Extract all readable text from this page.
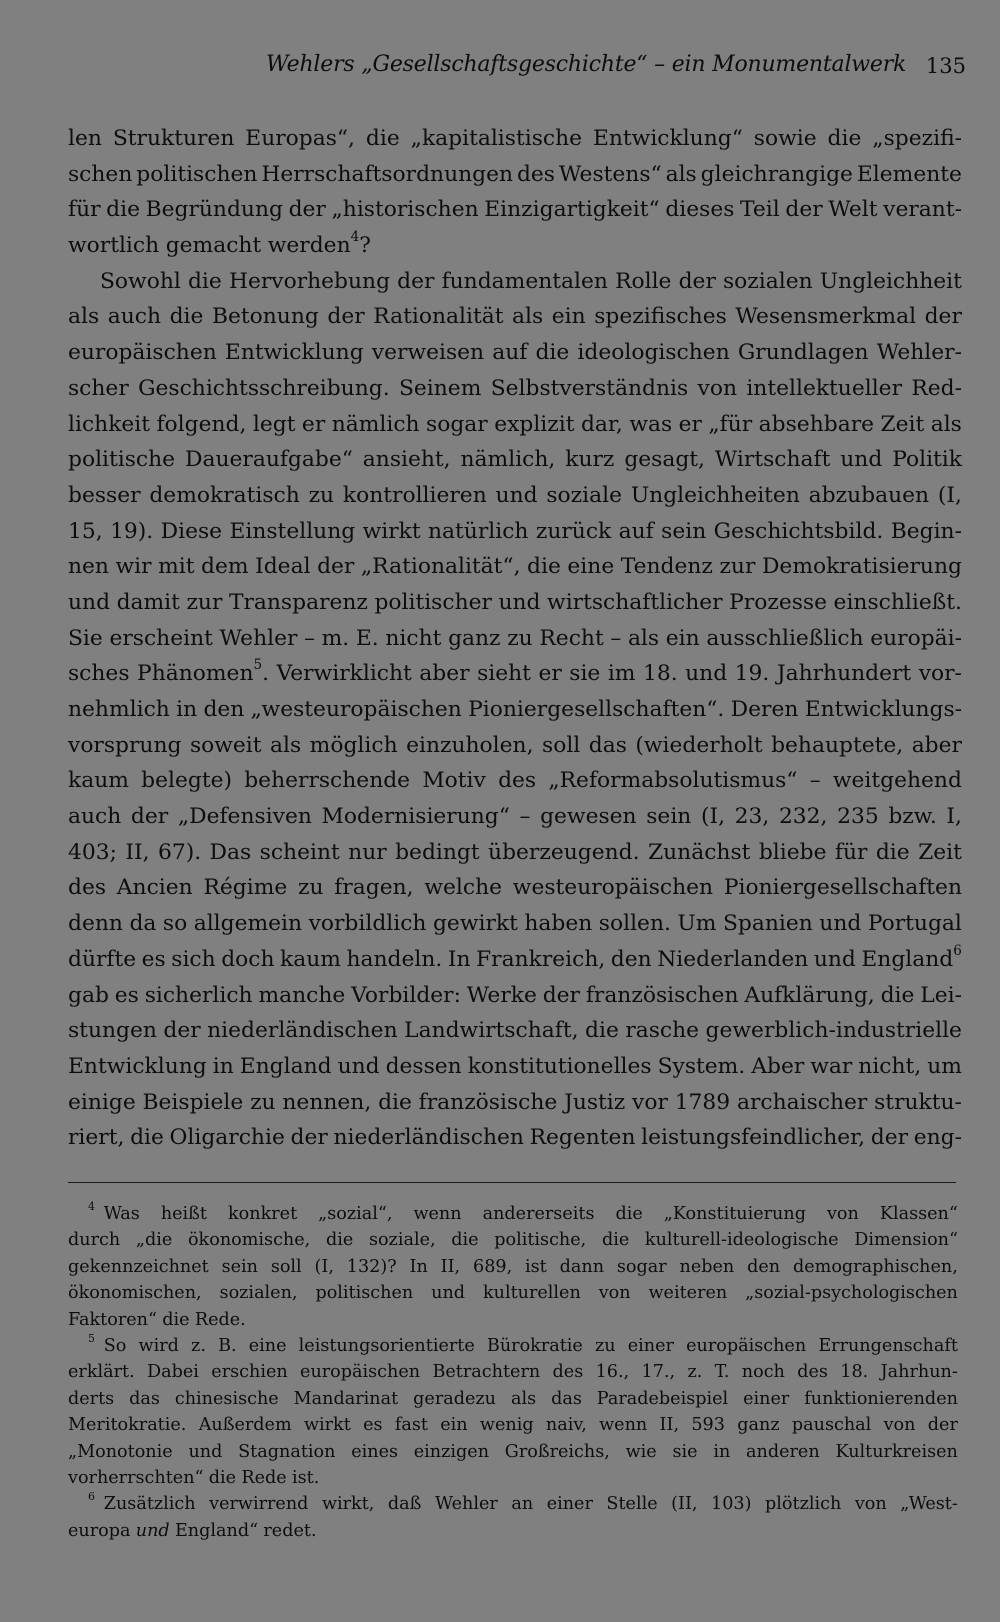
Wehlers „Gesellschaftsgeschichte“ – ein Monumentalwerk 135
len Strukturen Europas“, die „kapitalistische Entwicklung“ sowie die „spezifi-
schen politischen Herrschaftsordnungen des Westens“ als gleichrangige Elemente
für die Begründung der „historischen Einzigartigkeit“ dieses Teil der Welt verant-
wortlich gemacht werden$^4$?
Sowohl die Hervorhebung der fundamentalen Rolle der sozialen Ungleichheit
als auch die Betonung der Rationalität als ein spezifisches Wesensmerkmal der
europäischen Entwicklung verweisen auf die ideologischen Grundlagen Wehler-
scher Geschichtsschreibung. Seinem Selbstverständnis von intellektueller Red-
lichkeit folgend, legt er nämlich sogar explizit dar, was er „für absehbare Zeit als
politische Daueraufgabe“ ansieht, nämlich, kurz gesagt, Wirtschaft und Politik
besser demokratisch zu kontrollieren und soziale Ungleichheiten abzubauen (I,
15, 19). Diese Einstellung wirkt natürlich zurück auf sein Geschichtsbild. Begin-
nen wir mit dem Ideal der „Rationalität“, die eine Tendenz zur Demokratisierung
und damit zur Transparenz politischer und wirtschaftlicher Prozesse einschließt.
Sie erscheint Wehler – m. E. nicht ganz zu Recht – als ein ausschließlich europäi-
sches Phänomen$^5$. Verwirklicht aber sieht er sie im 18. und 19. Jahrhundert vor-
nehmlich in den „westeuropäischen Pioniergesellschaften“. Deren Entwicklungs-
vorsprung soweit als möglich einzuholen, soll das (wiederholt behauptete, aber
kaum belegte) beherrschende Motiv des „Reformabsolutismus“ – weitgehend
auch der „Defensiven Modernisierung“ – gewesen sein (I, 23, 232, 235 bzw. I,
403; II, 67). Das scheint nur bedingt überzeugend. Zunächst bliebe für die Zeit
des Ancien Régime zu fragen, welche westeuropäischen Pioniergesellschaften
denn da so allgemein vorbildlich gewirkt haben sollen. Um Spanien und Portugal
dürfte es sich doch kaum handeln. In Frankreich, den Niederlanden und England$^6$
gab es sicherlich manche Vorbilder: Werke der französischen Aufklärung, die Lei-
stungen der niederländischen Landwirtschaft, die rasche gewerblich-industrielle
Entwicklung in England und dessen konstitutionelles System. Aber war nicht, um
einige Beispiele zu nennen, die französische Justiz vor 1789 archaischer struktu-
riert, die Oligarchie der niederländischen Regenten leistungsfeindlicher, der eng-
$^4$  Was heißt konkret „sozial“, wenn andererseits die „Konstituierung von Klassen“
durch „die ökonomische, die soziale, die politische, die kulturell-ideologische Dimension“
gekennzeichnet sein soll (I, 132)? In II, 689, ist dann sogar neben den demographischen,
ökonomischen, sozialen, politischen und kulturellen von weiteren „sozial-psychologischen
Faktoren“ die Rede.
$^5$  So wird z. B. eine leistungsorientierte Bürokratie zu einer europäischen Errungenschaft
erklärt. Dabei erschien europäischen Betrachtern des 16., 17., z. T. noch des 18. Jahrhun-
derts das chinesische Mandarinat geradezu als das Paradebeispiel einer funktionierenden
Meritokratie. Außerdem wirkt es fast ein wenig naiv, wenn II, 593 ganz pauschal von der
„Monotonie und Stagnation eines einzigen Großreichs, wie sie in anderen Kulturkreisen
vorherrschten“ die Rede ist.
$^6$  Zusätzlich verwirrend wirkt, daß Wehler an einer Stelle (II, 103) plötzlich von „West-
europa und England“ redet.
